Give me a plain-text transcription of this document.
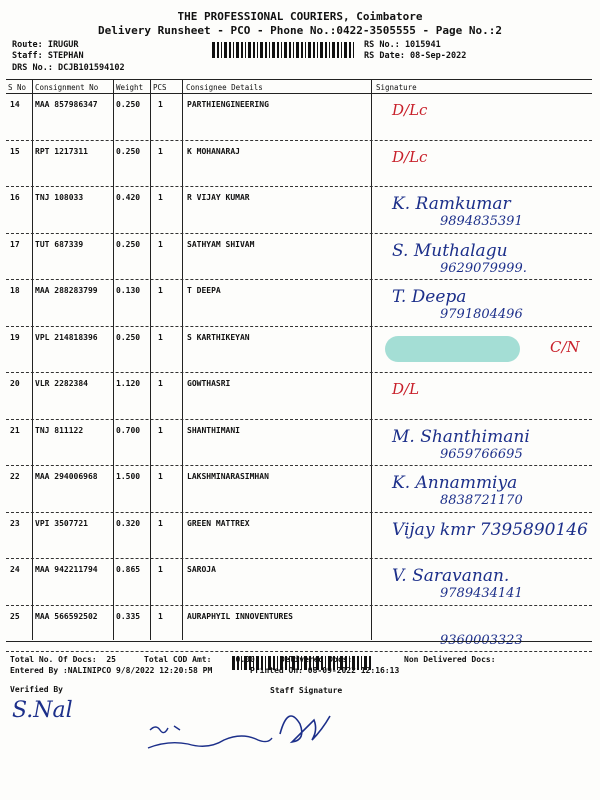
THE PROFESSIONAL COURIERS, Coimbatore
Delivery Runsheet - PCO - Phone No.:0422-3505555 - Page No.:2
Route: IRUGUR
Staff: STEPHAN
DRS No.: DCJB101594102
RS No.: 1015941
RS Date: 08-Sep-2022
S No Consignment No Weight PCS	Consignee Details	Signature
14 MAA 857986347 0.250 1	PARTHIENGINEERING	D/Lc
15 RPT 1217311	0.250 1	K MOHANARAJ	D/Lc
16 TNJ 108033	0.420 1	R VIJAY KUMAR	K. Ramkumar
9894835391
17 TUT 687339	0.250 1	SATHYAM SHIVAM	S. Muthalagu
9629079999.
18 MAA 288283799 0.130 1	T DEEPA	T. Deepa
9791804496
19 VPL 214818396 0.250 1	S KARTHIKEYAN
C/N
20 VLR 2282384	1.120 1	GOWTHASRI	D/L
21 TNJ 811122	0.700 1	SHANTHIMANI	M. Shanthimani
9659766695
22 MAA 294006968 1.500 1	LAKSHMINARASIMHAN	K. Annammiya
8838721170
23 VPI 3507721	0.320 1	GREEN MATTREX	Vijay kmr 7395890146
24 MAA 942211794 0.865 1	SAROJA	V. Saravanan.
9789434141
25 MAA 566592502 0.335 1	AURAPHYIL INNOVENTURES
9360003323
Total No. Of Docs:  25	Total COD Amt:     0.00	Delivered Docs:	Non Delivered Docs:
Entered By :NALINIPCO 9/8/2022 12:20:58 PM	Printed On: 08-09-2022 12:16:13
Verified By	Staff Signature
S.Nal
